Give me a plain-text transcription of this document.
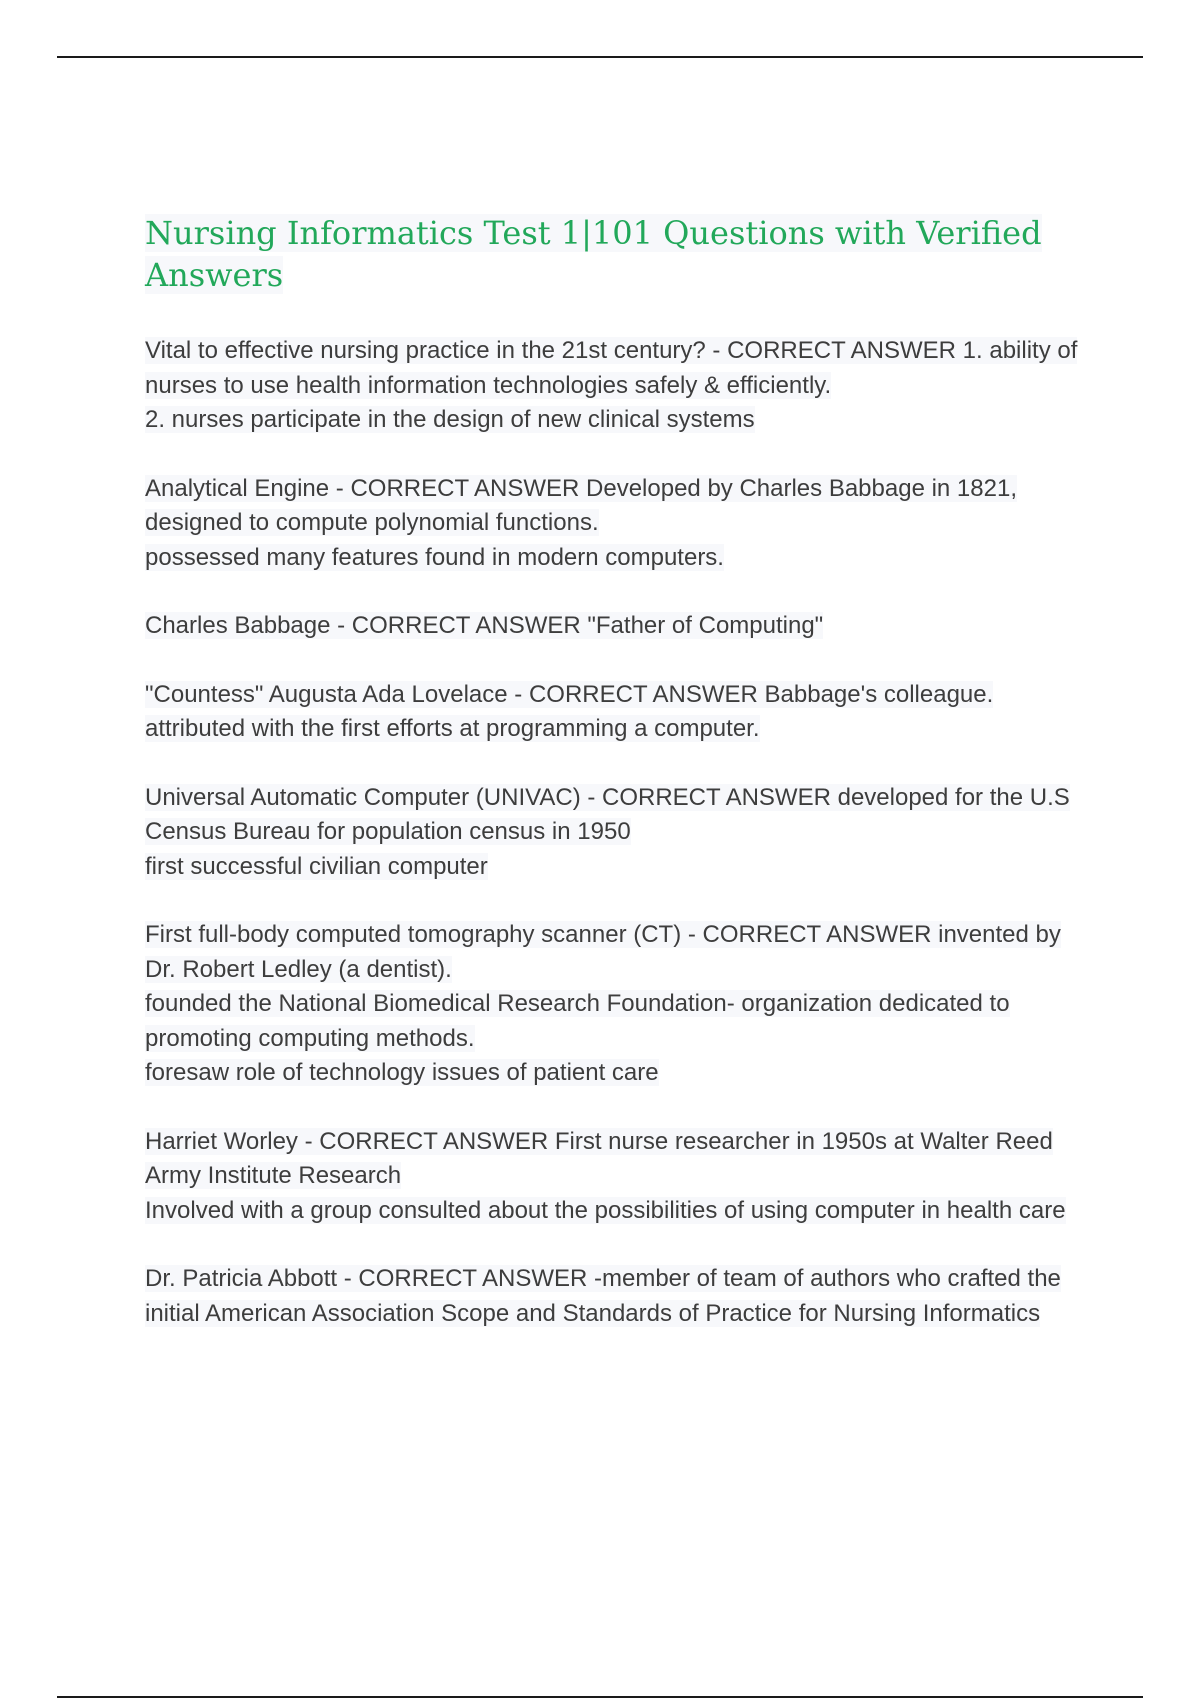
Nursing Informatics Test 1|101 Questions with Verified Answers
Vital to effective nursing practice in the 21st century? - CORRECT ANSWER 1. ability of nurses to use health information technologies safely & efficiently.
2. nurses participate in the design of new clinical systems
Analytical Engine - CORRECT ANSWER Developed by Charles Babbage in 1821, designed to compute polynomial functions.
possessed many features found in modern computers.
Charles Babbage - CORRECT ANSWER "Father of Computing"
"Countess" Augusta Ada Lovelace - CORRECT ANSWER Babbage's colleague.
attributed with the first efforts at programming a computer.
Universal Automatic Computer (UNIVAC) - CORRECT ANSWER developed for the U.S Census Bureau for population census in 1950
first successful civilian computer
First full-body computed tomography scanner (CT) - CORRECT ANSWER invented by Dr. Robert Ledley (a dentist).
founded the National Biomedical Research Foundation- organization dedicated to promoting computing methods.
foresaw role of technology issues of patient care
Harriet Worley - CORRECT ANSWER First nurse researcher in 1950s at Walter Reed Army Institute Research
Involved with a group consulted about the possibilities of using computer in health care
Dr. Patricia Abbott - CORRECT ANSWER -member of team of authors who crafted the initial American Association Scope and Standards of Practice for Nursing Informatics
